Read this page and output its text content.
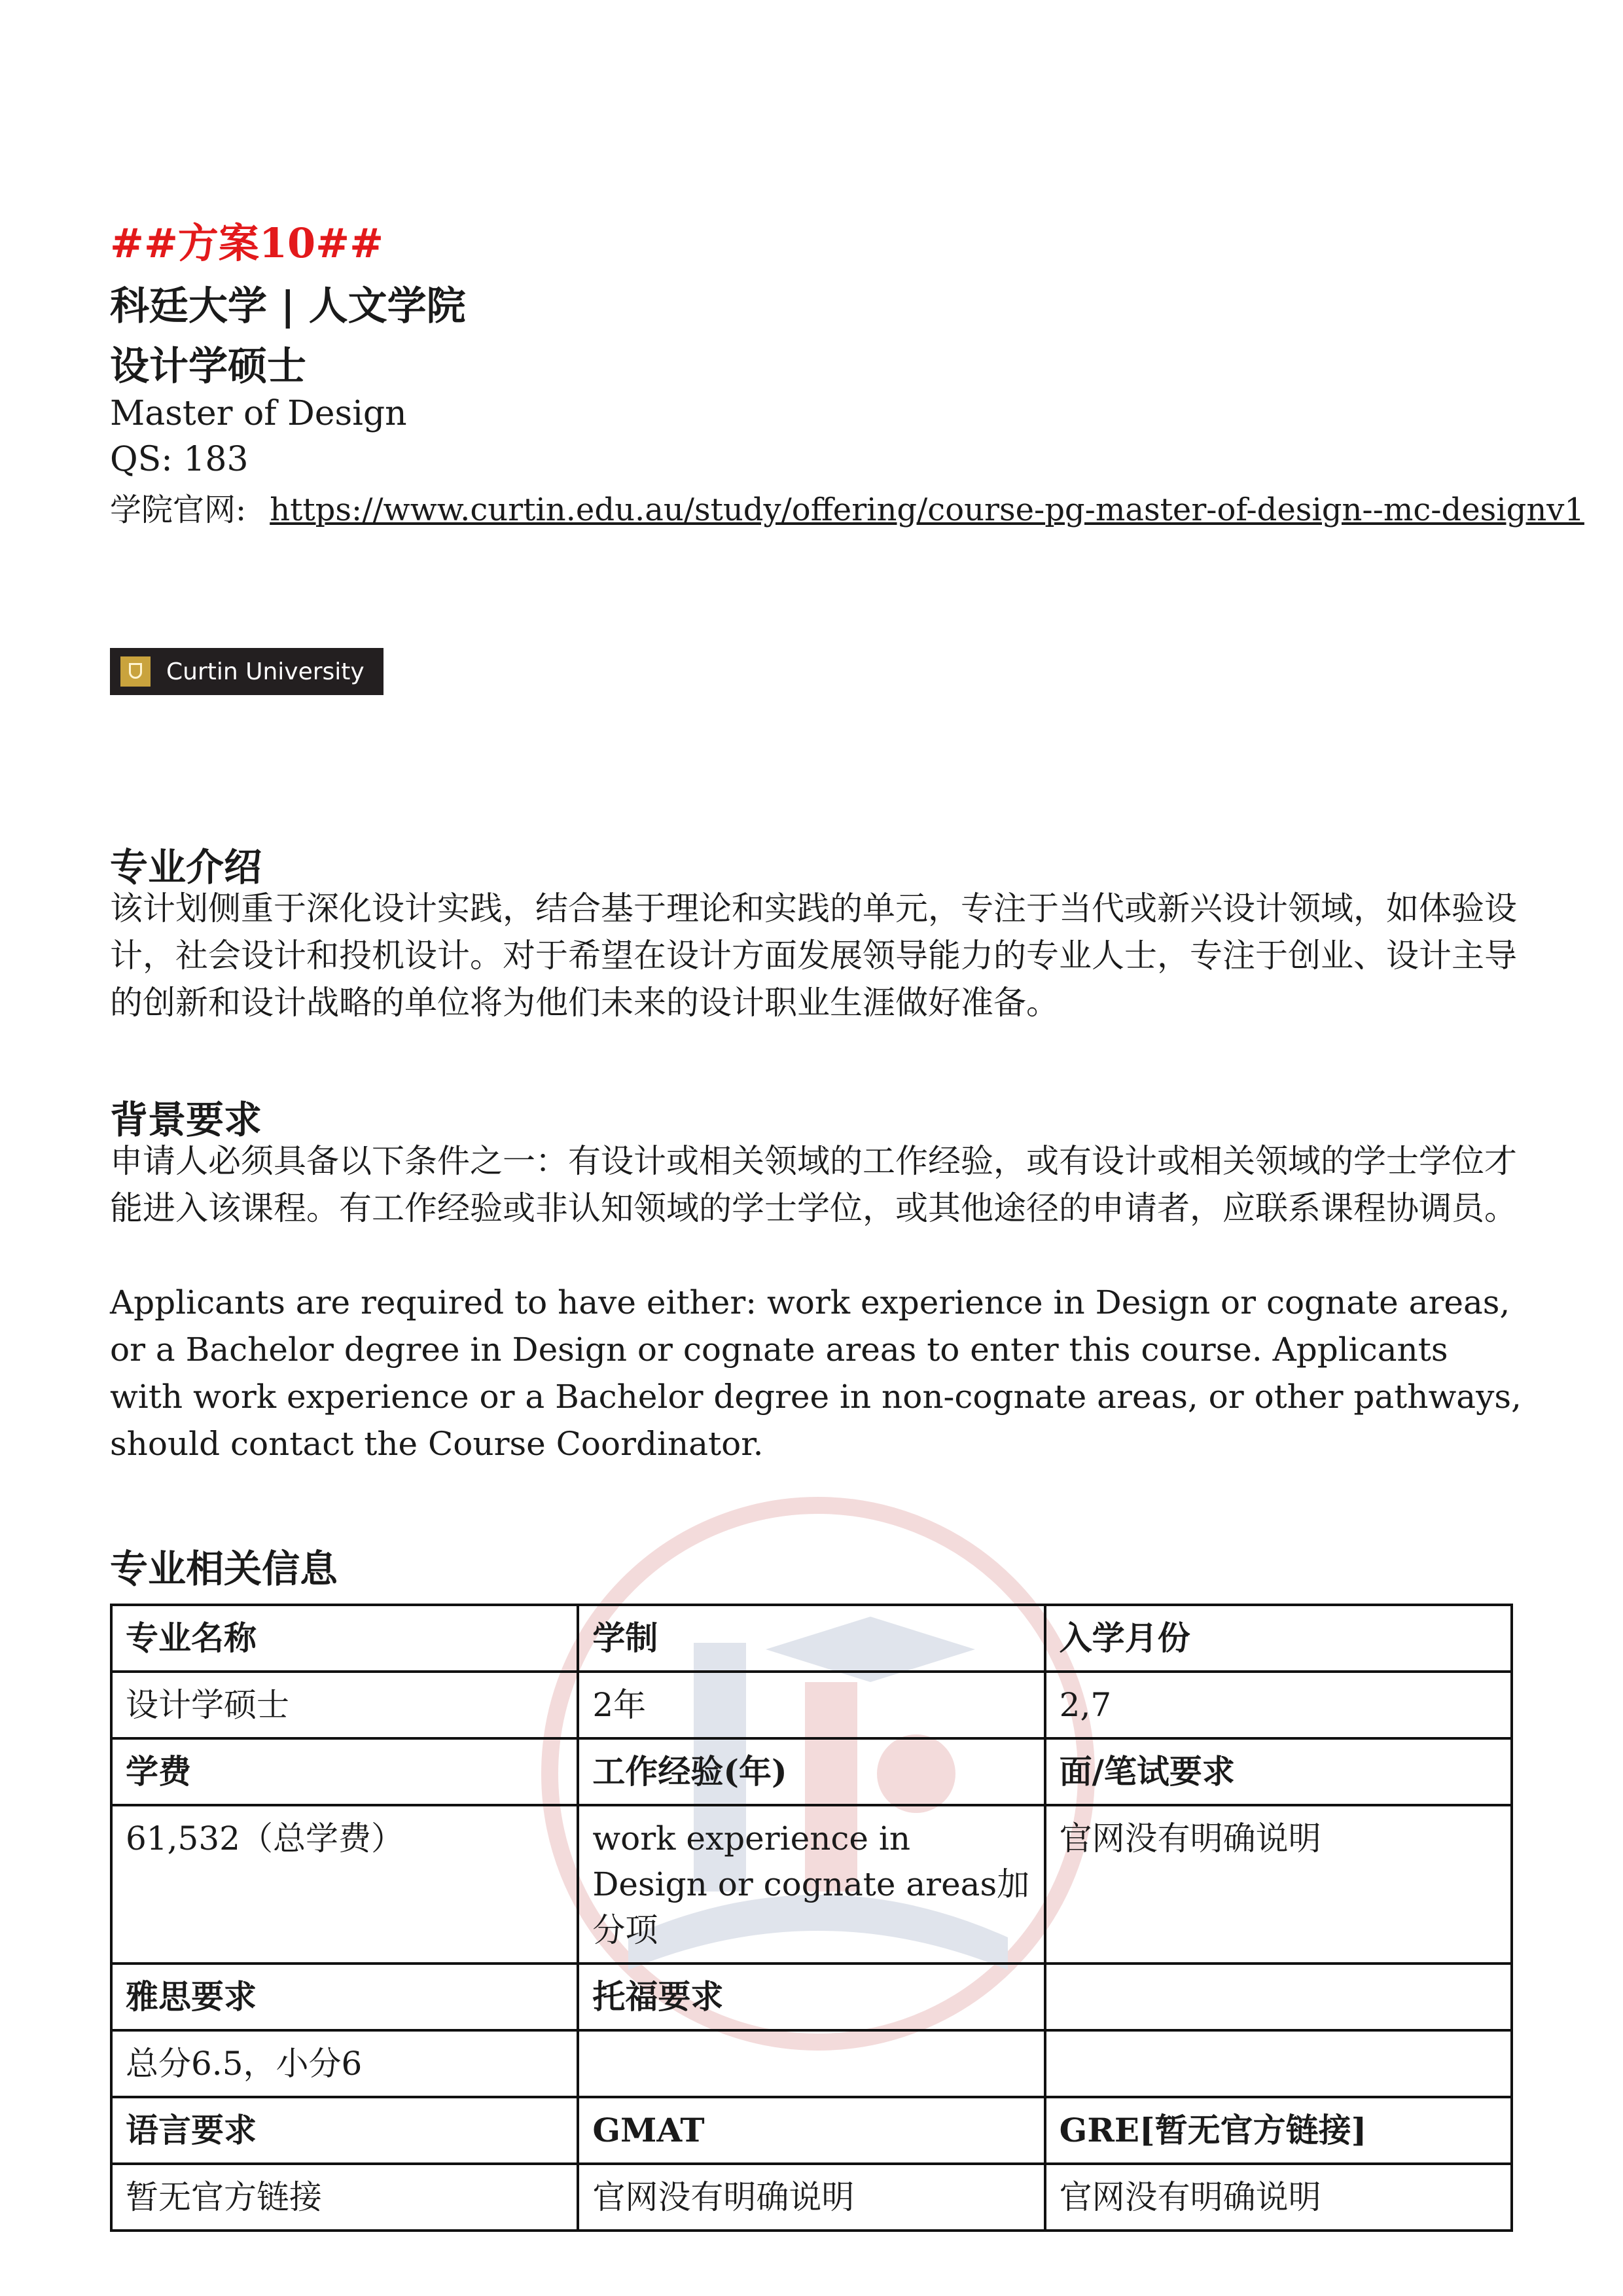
##方案10##
科廷大学 | 人文学院
设计学硕士
Master of Design
QS: 183
学院官网: https://www.curtin.edu.au/study/offering/course-pg-master-of-design--mc-designv1
Curtin University
专业介绍

该计划侧重于深化设计实践，结合基于理论和实践的单元，专注于当代或新兴设计领域，如体验设计，社会设计和投机设计。对于希望在设计方面发展领导能力的专业人士，专注于创业、设计主导的创新和设计战略的单位将为他们未来的设计职业生涯做好准备。

背景要求

申请人必须具备以下条件之一：有设计或相关领域的工作经验，或有设计或相关领域的学士学位才能进入该课程。有工作经验或非认知领域的学士学位，或其他途径的申请者，应联系课程协调员。

Applicants are required to have either: work experience in Design or cognate areas, or a Bachelor degree in Design or cognate areas to enter this course. Applicants with work experience or a Bachelor degree in non-cognate areas, or other pathways, should contact the Course Coordinator.

专业相关信息
专业名称	学制	入学月份
设计学硕士	2年	2,7
学费	工作经验(年)	面/笔试要求
61,532（总学费）	work experience in Design or cognate areas加分项	官网没有明确说明
雅思要求	托福要求	
总分6.5，小分6		
语言要求	GMAT	GRE[暂无官方链接]
暂无官方链接	官网没有明确说明	官网没有明确说明
